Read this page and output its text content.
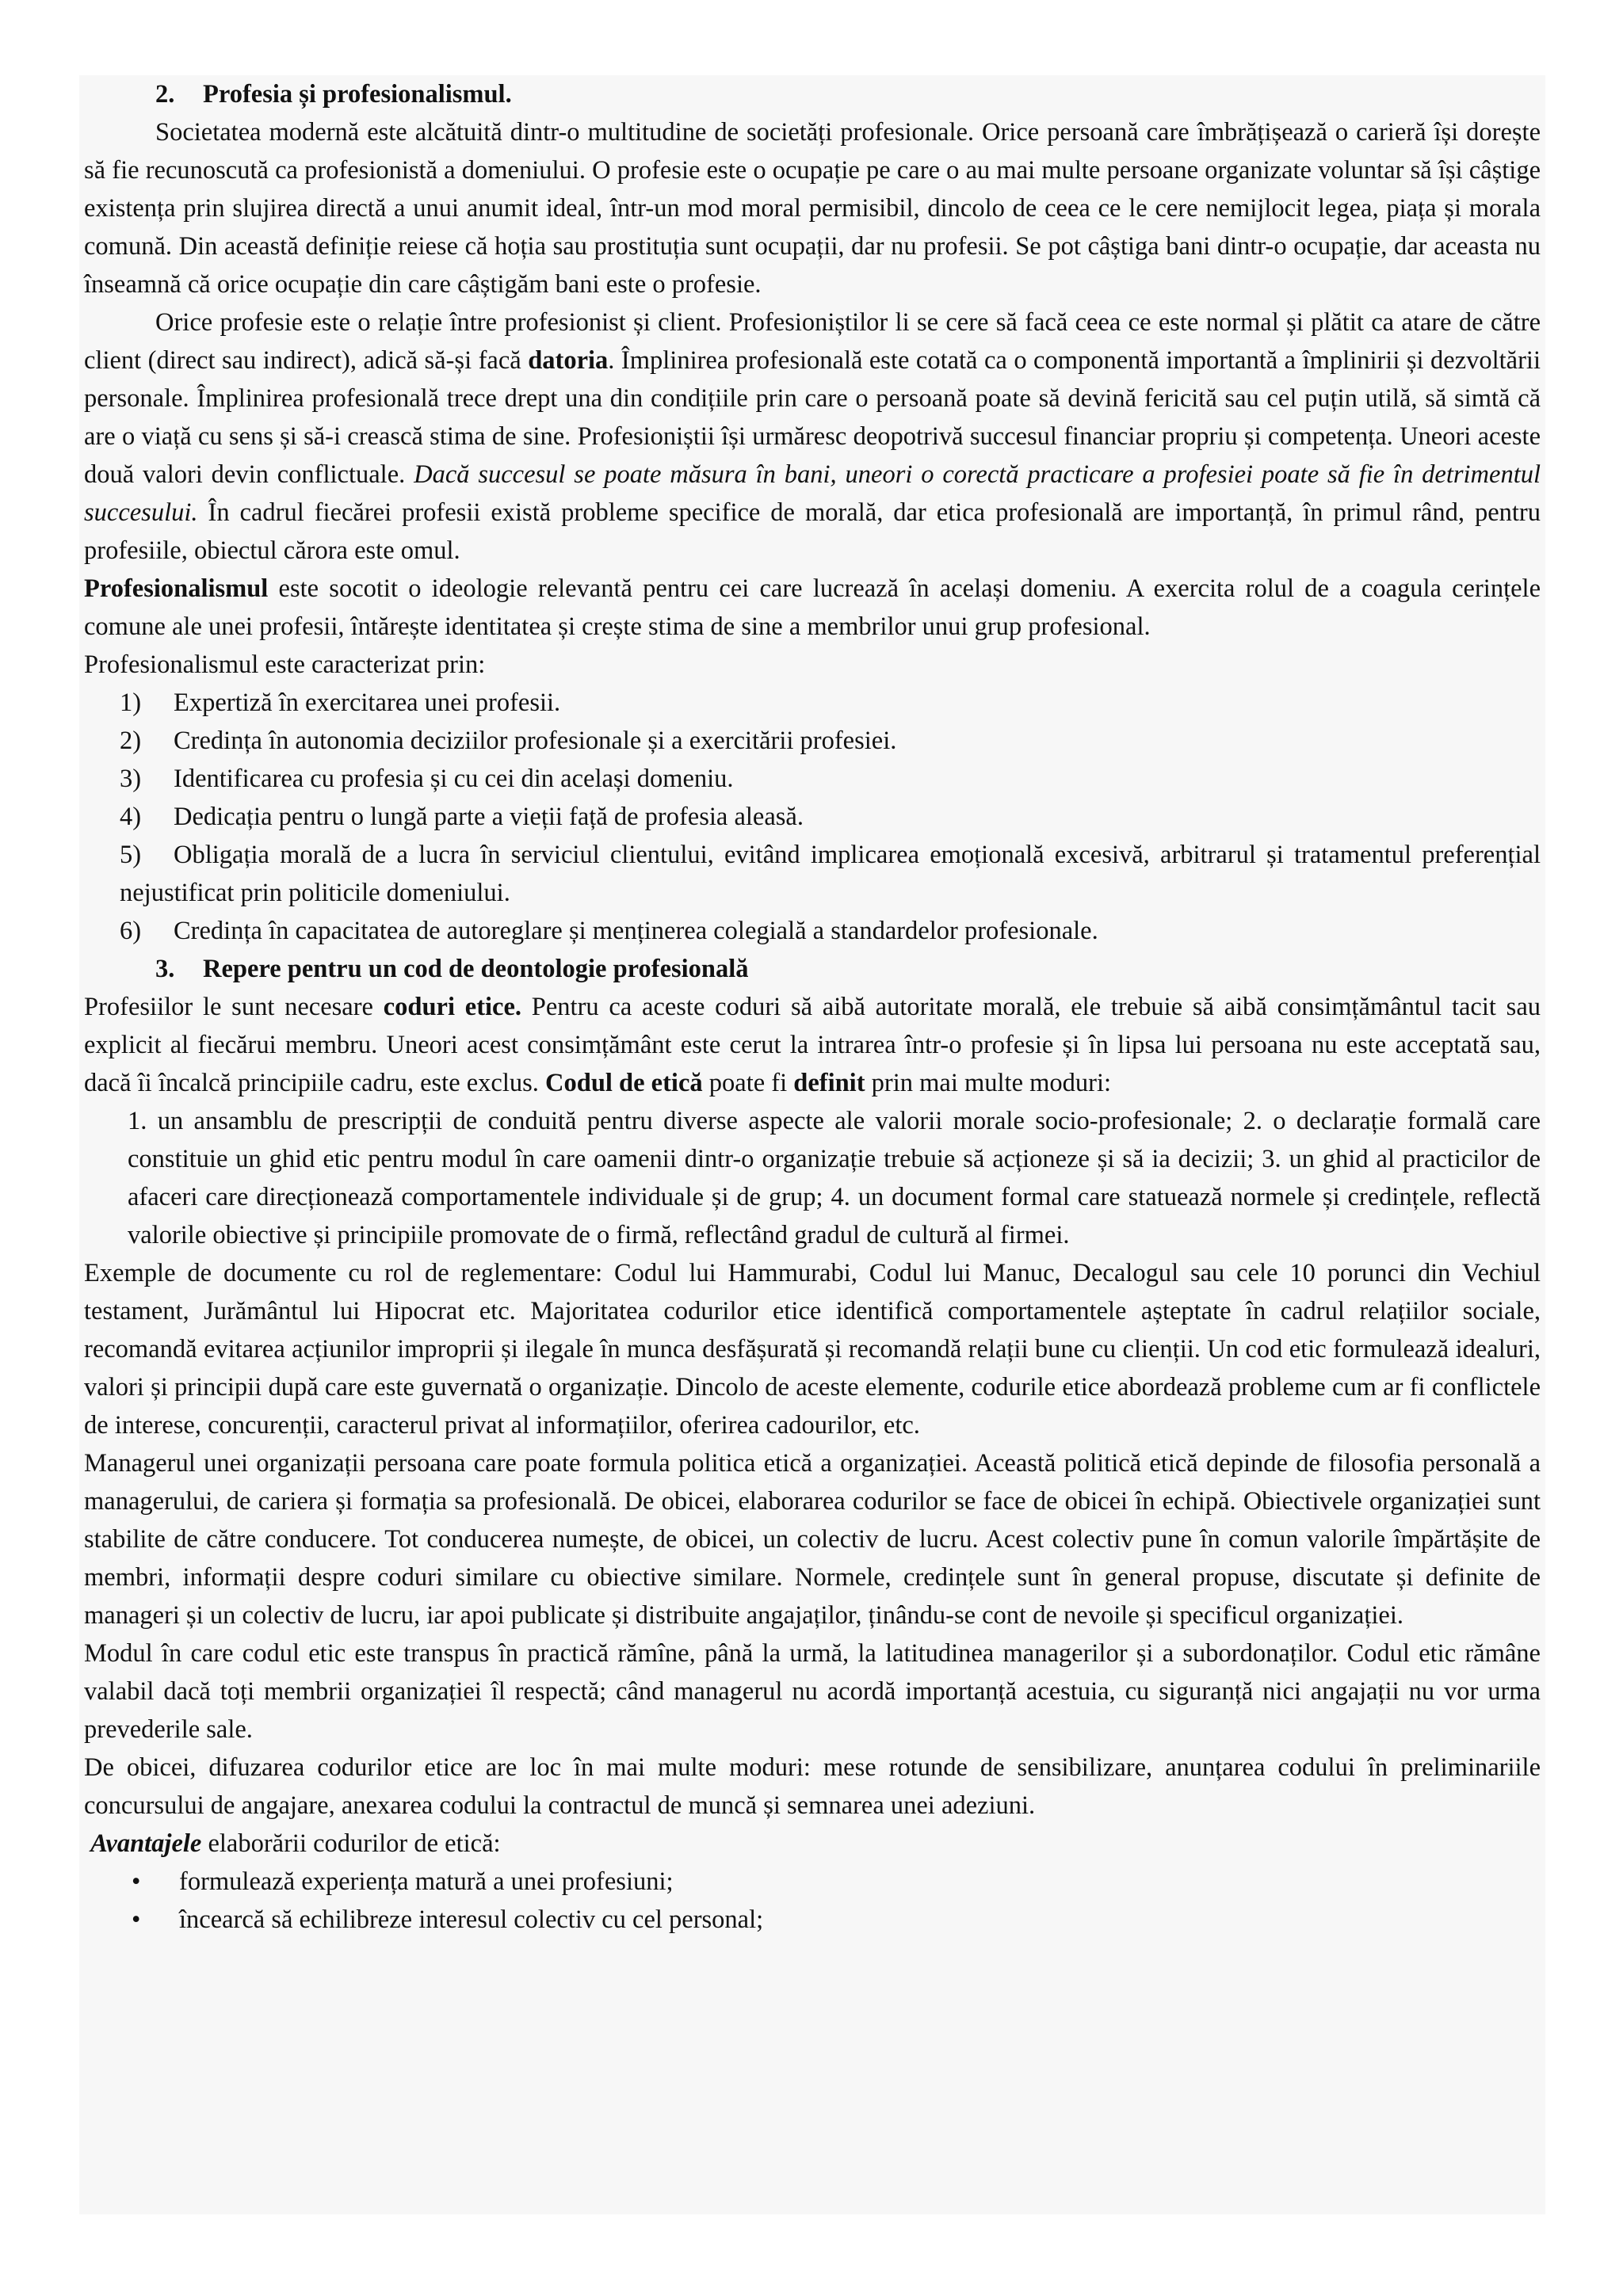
2. Profesia și profesionalismul.

Societatea modernă este alcătuită dintr-o multitudine de societăți profesionale. Orice persoană care îmbrățișează o carieră își dorește să fie recunoscută ca profesionistă a domeniului. O profesie este o ocupație pe care o au mai multe persoane organizate voluntar să își câștige existența prin slujirea directă a unui anumit ideal, într-un mod moral permisibil, dincolo de ceea ce le cere nemijlocit legea, piața și morala comună. Din această definiție reiese că hoția sau prostituția sunt ocupații, dar nu profesii. Se pot câștiga bani dintr-o ocupație, dar aceasta nu înseamnă că orice ocupație din care câștigăm bani este o profesie.

Orice profesie este o relație între profesionist și client. Profesioniștilor li se cere să facă ceea ce este normal și plătit ca atare de către client (direct sau indirect), adică să-și facă datoria. Împlinirea profesională este cotată ca o componentă importantă a împlinirii și dezvoltării personale. Împlinirea profesională trece drept una din condițiile prin care o persoană poate să devină fericită sau cel puțin utilă, să simtă că are o viață cu sens și să-i crească stima de sine. Profesioniștii își urmăresc deopotrivă succesul financiar propriu și competența. Uneori aceste două valori devin conflictuale. Dacă succesul se poate măsura în bani, uneori o corectă practicare a profesiei poate să fie în detrimentul succesului. În cadrul fiecărei profesii există probleme specifice de morală, dar etica profesională are importanță, în primul rând, pentru profesiile, obiectul cărora este omul.

Profesionalismul este socotit o ideologie relevantă pentru cei care lucrează în același domeniu. A exercita rolul de a coagula cerințele comune ale unei profesii, întărește identitatea și crește stima de sine a membrilor unui grup profesional.

Profesionalismul este caracterizat prin:

1) Expertiză în exercitarea unei profesii.
2) Credința în autonomia deciziilor profesionale și a exercitării profesiei.
3) Identificarea cu profesia și cu cei din același domeniu.
4) Dedicația pentru o lungă parte a vieții față de profesia aleasă.
5) Obligația morală de a lucra în serviciul clientului, evitând implicarea emoțională excesivă, arbitrarul și tratamentul preferențial nejustificat prin politicile domeniului.
6) Credința în capacitatea de autoreglare și menținerea colegială a standardelor profesionale.

3. Repere pentru un cod de deontologie profesională

Profesiilor le sunt necesare coduri etice. Pentru ca aceste coduri să aibă autoritate morală, ele trebuie să aibă consimțământul tacit sau explicit al fiecărui membru. Uneori acest consimțământ este cerut la intrarea într-o profesie și în lipsa lui persoana nu este acceptată sau, dacă îi încalcă principiile cadru, este exclus. Codul de etică poate fi definit prin mai multe moduri:

1. un ansamblu de prescripții de conduită pentru diverse aspecte ale valorii morale socio-profesionale; 2. o declarație formală care constituie un ghid etic pentru modul în care oamenii dintr-o organizație trebuie să acționeze și să ia decizii; 3. un ghid al practicilor de afaceri care direcționează comportamentele individuale și de grup; 4. un document formal care statuează normele și credințele, reflectă valorile obiective și principiile promovate de o firmă, reflectând gradul de cultură al firmei.

Exemple de documente cu rol de reglementare: Codul lui Hammurabi, Codul lui Manuc, Decalogul sau cele 10 porunci din Vechiul testament, Jurământul lui Hipocrat etc. Majoritatea codurilor etice identifică comportamentele așteptate în cadrul relațiilor sociale, recomandă evitarea acțiunilor improprii și ilegale în munca desfășurată și recomandă relații bune cu clienții. Un cod etic formulează idealuri, valori și principii după care este guvernată o organizație. Dincolo de aceste elemente, codurile etice abordează probleme cum ar fi conflictele de interese, concurenții, caracterul privat al informațiilor, oferirea cadourilor, etc.

Managerul unei organizații persoana care poate formula politica etică a organizației. Această politică etică depinde de filosofia personală a managerului, de cariera și formația sa profesională. De obicei, elaborarea codurilor se face de obicei în echipă. Obiectivele organizației sunt stabilite de către conducere. Tot conducerea numește, de obicei, un colectiv de lucru. Acest colectiv pune în comun valorile împărtășite de membri, informații despre coduri similare cu obiective similare. Normele, credințele sunt în general propuse, discutate și definite de manageri și un colectiv de lucru, iar apoi publicate și distribuite angajaților, ținându-se cont de nevoile și specificul organizației.

Modul în care codul etic este transpus în practică rămîne, până la urmă, la latitudinea managerilor și a subordonaților. Codul etic rămâne valabil dacă toți membrii organizației îl respectă; când managerul nu acordă importanță acestuia, cu siguranță nici angajații nu vor urma prevederile sale.

De obicei, difuzarea codurilor etice are loc în mai multe moduri: mese rotunde de sensibilizare, anunțarea codului în preliminariile concursului de angajare, anexarea codului la contractul de muncă și semnarea unei adeziuni.

Avantajele elaborării codurilor de etică:

• formulează experiența matură a unei profesiuni;
• încearcă să echilibreze interesul colectiv cu cel personal;
